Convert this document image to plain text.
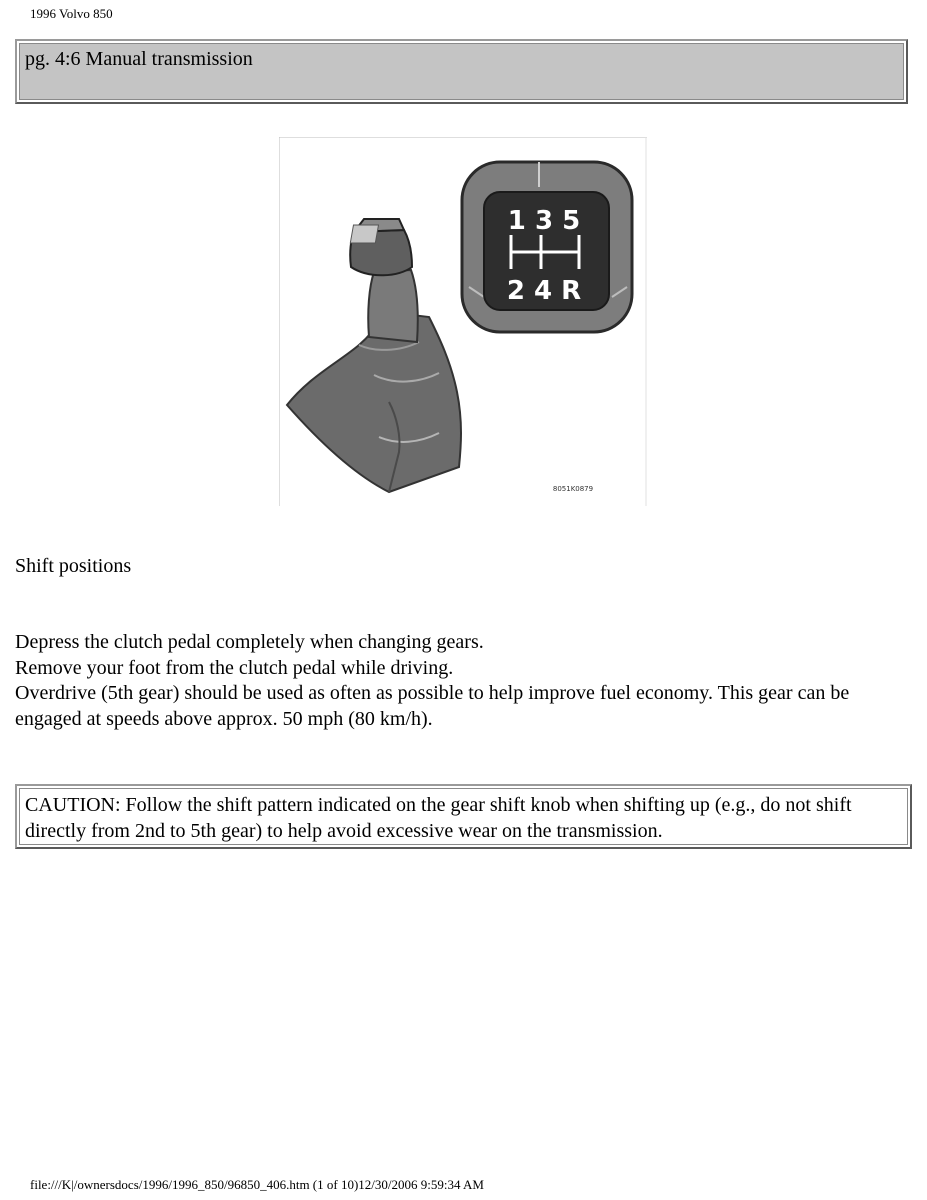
1996 Volvo 850
pg. 4:6 Manual transmission
1 3 5
2 4 R
8051K0879
Shift positions
Depress the clutch pedal completely when changing gears.
Remove your foot from the clutch pedal while driving.
Overdrive (5th gear) should be used as often as possible to help improve fuel economy. This gear can be engaged at speeds above approx. 50 mph (80 km/h).
CAUTION: Follow the shift pattern indicated on the gear shift knob when shifting up (e.g., do not shift directly from 2nd to 5th gear) to help avoid excessive wear on the transmission.
file:///K|/ownersdocs/1996/1996_850/96850_406.htm (1 of 10)12/30/2006 9:59:34 AM
